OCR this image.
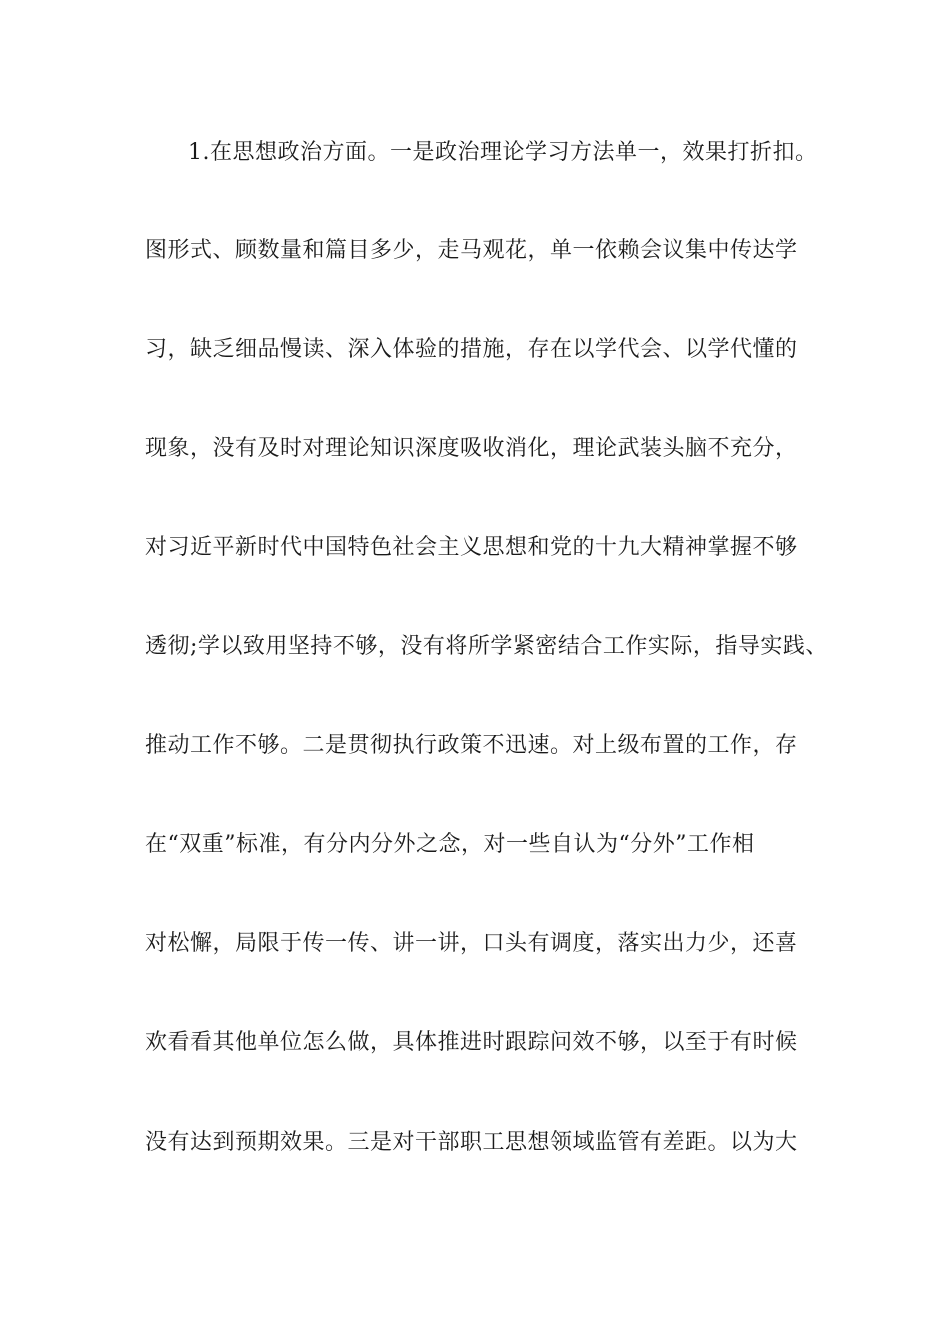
1.在思想政治方面。一是政治理论学习方法单一，效果打折扣。
图形式、顾数量和篇目多少，走马观花，单一依赖会议集中传达学
习，缺乏细品慢读、深入体验的措施，存在以学代会、以学代懂的
现象，没有及时对理论知识深度吸收消化，理论武装头脑不充分，
对习近平新时代中国特色社会主义思想和党的十九大精神掌握不够
透彻;学以致用坚持不够，没有将所学紧密结合工作实际，指导实践、
推动工作不够。二是贯彻执行政策不迅速。对上级布置的工作，存
在“双重”标准，有分内分外之念，对一些自认为“分外”工作相
对松懈，局限于传一传、讲一讲，口头有调度，落实出力少，还喜
欢看看其他单位怎么做，具体推进时跟踪问效不够，以至于有时候
没有达到预期效果。三是对干部职工思想领域监管有差距。以为大
